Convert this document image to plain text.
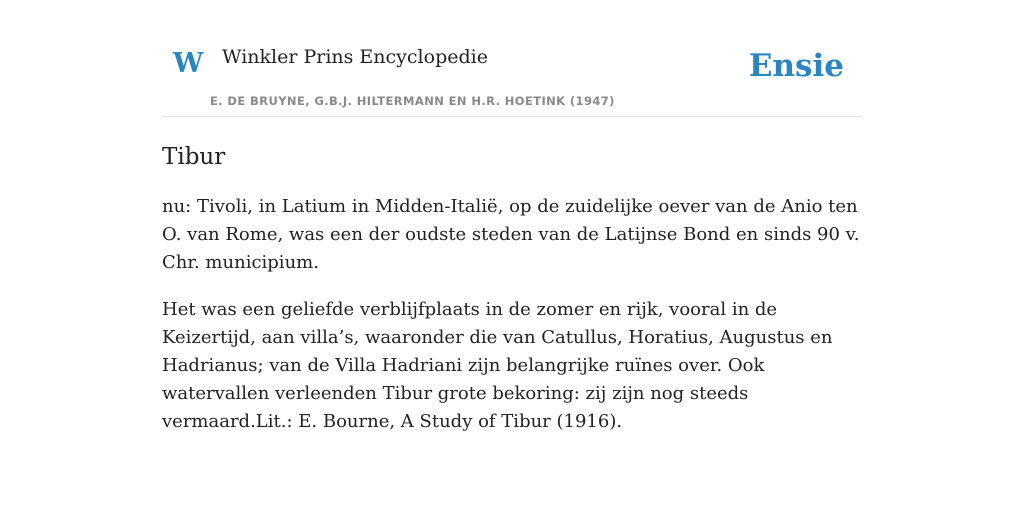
W Winkler Prins Encyclopedie
E. DE BRUYNE, G.B.J. HILTERMANN EN H.R. HOETINK (1947)
Ensie
Tibur

nu: Tivoli, in Latium in Midden-Italië, op de zuidelijke oever van de Anio ten O. van Rome, was een der oudste steden van de Latijnse Bond en sinds 90 v. Chr. municipium.

Het was een geliefde verblijfplaats in de zomer en rijk, vooral in de Keizertijd, aan villa’s, waaronder die van Catullus, Horatius, Augustus en Hadrianus; van de Villa Hadriani zijn belangrijke ruïnes over. Ook watervallen verleenden Tibur grote bekoring: zij zijn nog steeds vermaard.Lit.: E. Bourne, A Study of Tibur (1916).
